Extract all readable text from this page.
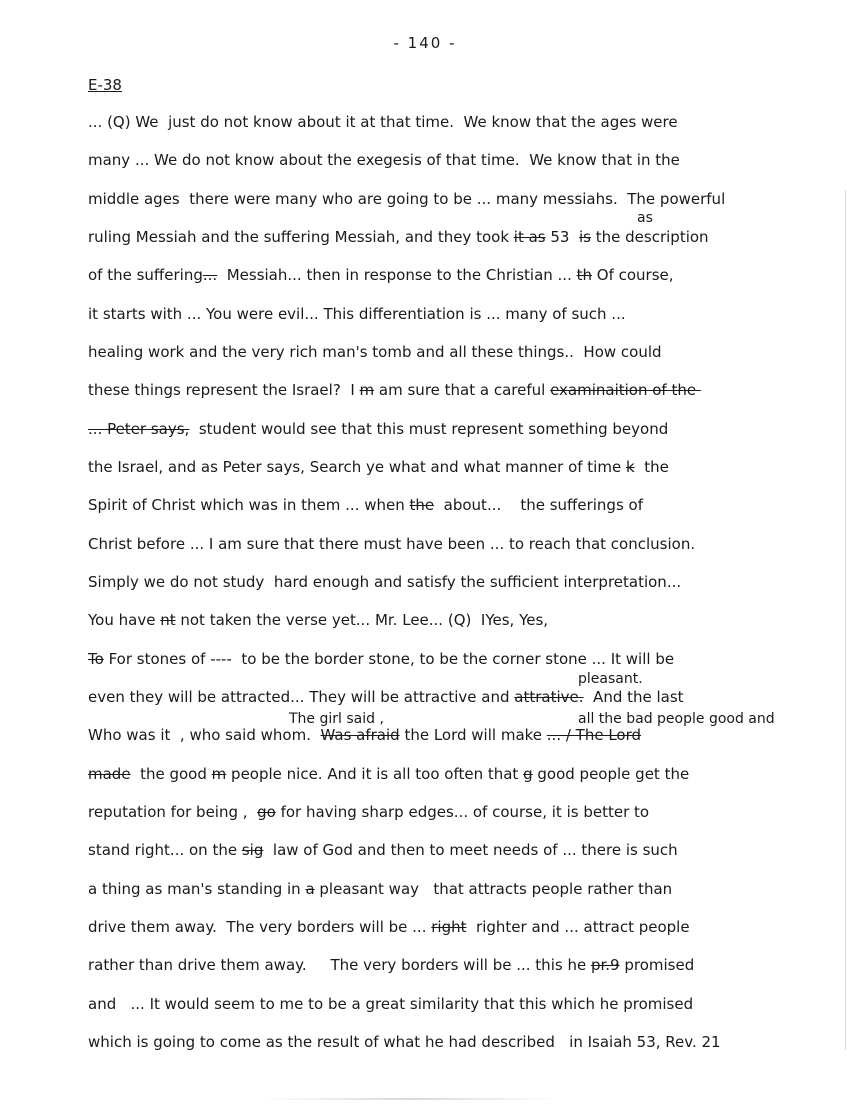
- 140 -
E-38
... (Q) We  just do not know about it at that time.  We know that the ages were
many ... We do not know about the exegesis of that time.  We know that in the
middle ages  there were many who are going to be ... many messiahs.  The powerful
ruling Messiah and the suffering Messiah, and they took it as 53  is the description
of the suffering...  Messiah... then in response to the Christian ... th Of course,
it starts with ... You were evil... This differentiation is ... many of such ...
healing work and the very rich man's tomb and all these things..  How could
these things represent the Israel?  I m am sure that a careful examinaition of the
... Peter says,  student would see that this must represent something beyond
the Israel, and as Peter says, Search ye what and what manner of time k  the
Spirit of Christ which was in them ... when the  about...    the sufferings of
Christ before ... I am sure that there must have been ... to reach that conclusion.
Simply we do not study  hard enough and satisfy the sufficient interpretation...
You have nt not taken the verse yet... Mr. Lee... (Q)  IYes, Yes,
To For stones of ----  to be the border stone, to be the corner stone ... It will be
even they will be attracted... They will be attractive and attrative.  And the last
Who was it  , who said whom.  Was afraid the Lord will make ... / The Lord
made  the good m people nice. And it is all too often that g good people get the
reputation for being ,  go for having sharp edges... of course, it is better to
stand right... on the sig  law of God and then to meet needs of ... there is such
a thing as man's standing in a pleasant way   that attracts people rather than
drive them away.  The very borders will be ... right  righter and ... attract people
rather than drive them away.     The very borders will be ... this he pr.9 promised
and   ... It would seem to me to be a great similarity that this which he promised
which is going to come as the result of what he had described   in Isaiah 53, Rev. 21
as
pleasant.
The girl said ,	all the bad people good and
